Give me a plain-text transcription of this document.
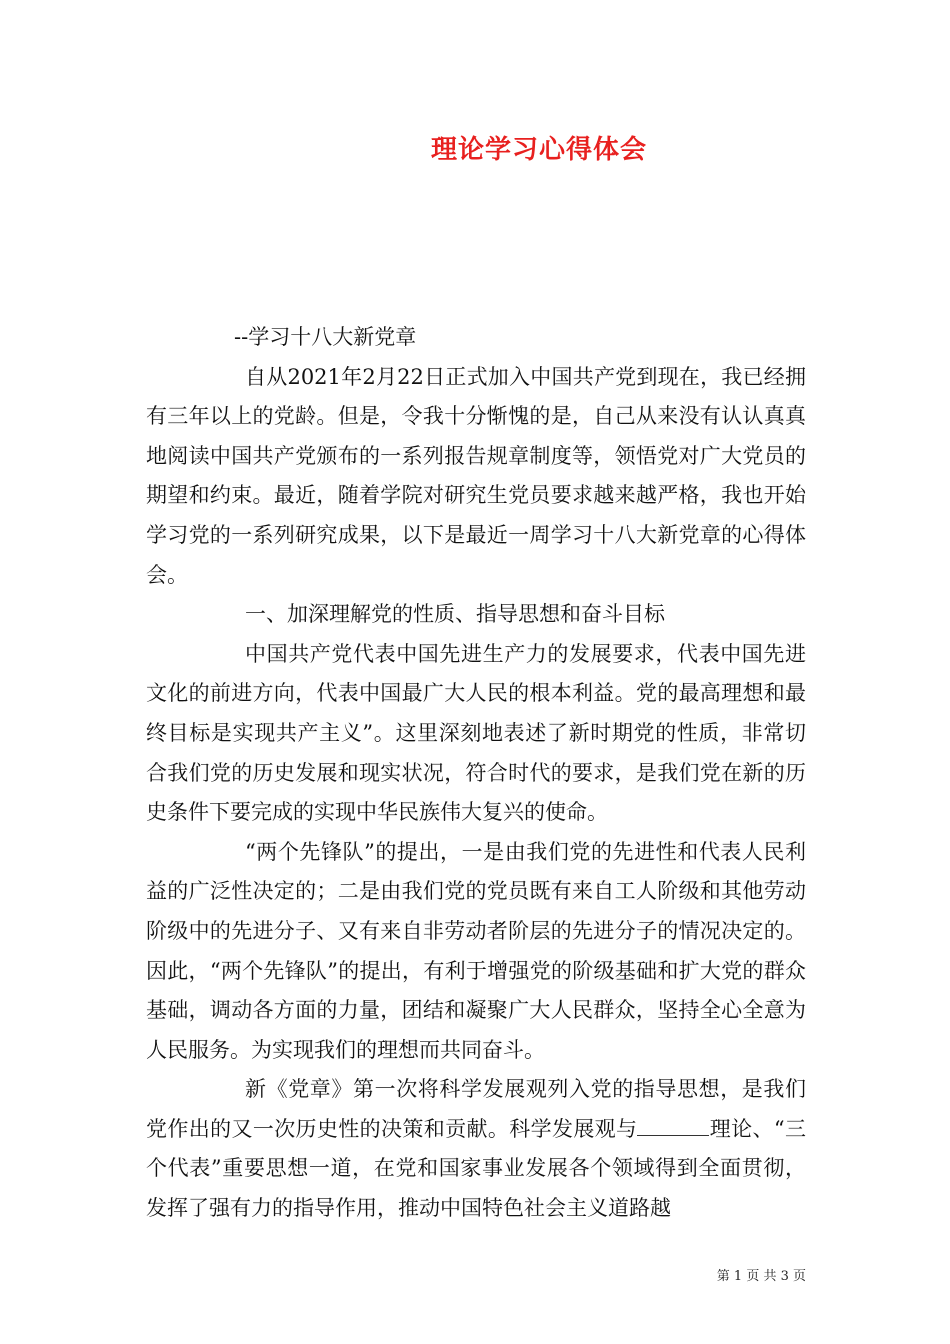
理论学习心得体会

--学习十八大新党章

自从2021年2月22日正式加入中国共产党到现在，我已经拥有三年以上的党龄。但是，令我十分惭愧的是，自己从来没有认认真真地阅读中国共产党颁布的一系列报告规章制度等，领悟党对广大党员的期望和约束。最近，随着学院对研究生党员要求越来越严格，我也开始学习党的一系列研究成果，以下是最近一周学习十八大新党章的心得体会。

一、加深理解党的性质、指导思想和奋斗目标

中国共产党代表中国先进生产力的发展要求，代表中国先进文化的前进方向，代表中国最广大人民的根本利益。党的最高理想和最终目标是实现共产主义”。这里深刻地表述了新时期党的性质，非常切合我们党的历史发展和现实状况，符合时代的要求，是我们党在新的历史条件下要完成的实现中华民族伟大复兴的使命。

“两个先锋队”的提出，一是由我们党的先进性和代表人民利益的广泛性决定的；二是由我们党的党员既有来自工人阶级和其他劳动阶级中的先进分子、又有来自非劳动者阶层的先进分子的情况决定的。因此，“两个先锋队”的提出，有利于增强党的阶级基础和扩大党的群众基础，调动各方面的力量，团结和凝聚广大人民群众，坚持全心全意为人民服务。为实现我们的理想而共同奋斗。

新《党章》第一次将科学发展观列入党的指导思想，是我们党作出的又一次历史性的决策和贡献。科学发展观与	理论、“三个代表”重要思想一道，在党和国家事业发展各个领域得到全面贯彻，发挥了强有力的指导作用，推动中国特色社会主义道路越

第 1 页 共 3 页
